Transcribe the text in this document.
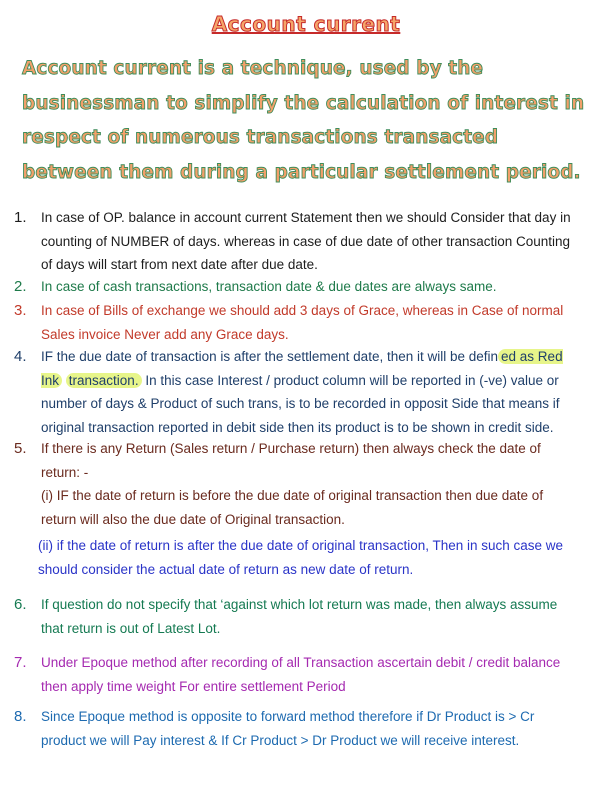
Account current
Account current is a technique, used by the businessman to simplify the calculation of interest in respect of numerous transactions transacted between them during a particular settlement period.
1. In case of OP. balance in account current Statement then we should Consider that day in counting of NUMBER of days. whereas in case of due date of other transaction Counting of days will start from next date after due date.
2. In case of cash transactions, transaction date & due dates are always same.
3. In case of Bills of exchange we should add 3 days of Grace, whereas in Case of normal Sales invoice Never add any Grace days.
4. IF the due date of transaction is after the settlement date, then it will be defin ed as Red Ink transaction. In this case Interest / product column will be reported in (-ve) value or number of days & Product of such trans, is to be recorded in opposit Side that means if original transaction reported in debit side then its product is to be shown in credit side.
5. If there is any Return (Sales return / Purchase return) then always check the date of return: -
(i) IF the date of return is before the due date of original transaction then due date of return will also the due date of Original transaction.
(ii) if the date of return is after the due date of original transaction, Then in such case we should consider the actual date of return as new date of return.
6. If question do not specify that ‘against which lot return was made, then always assume that return is out of Latest Lot.
7. Under Epoque method after recording of all Transaction ascertain debit / credit balance then apply time weight For entire settlement Period
8. Since Epoque method is opposite to forward method therefore if Dr Product is > Cr product we will Pay interest & If Cr Product > Dr Product we will receive interest.
